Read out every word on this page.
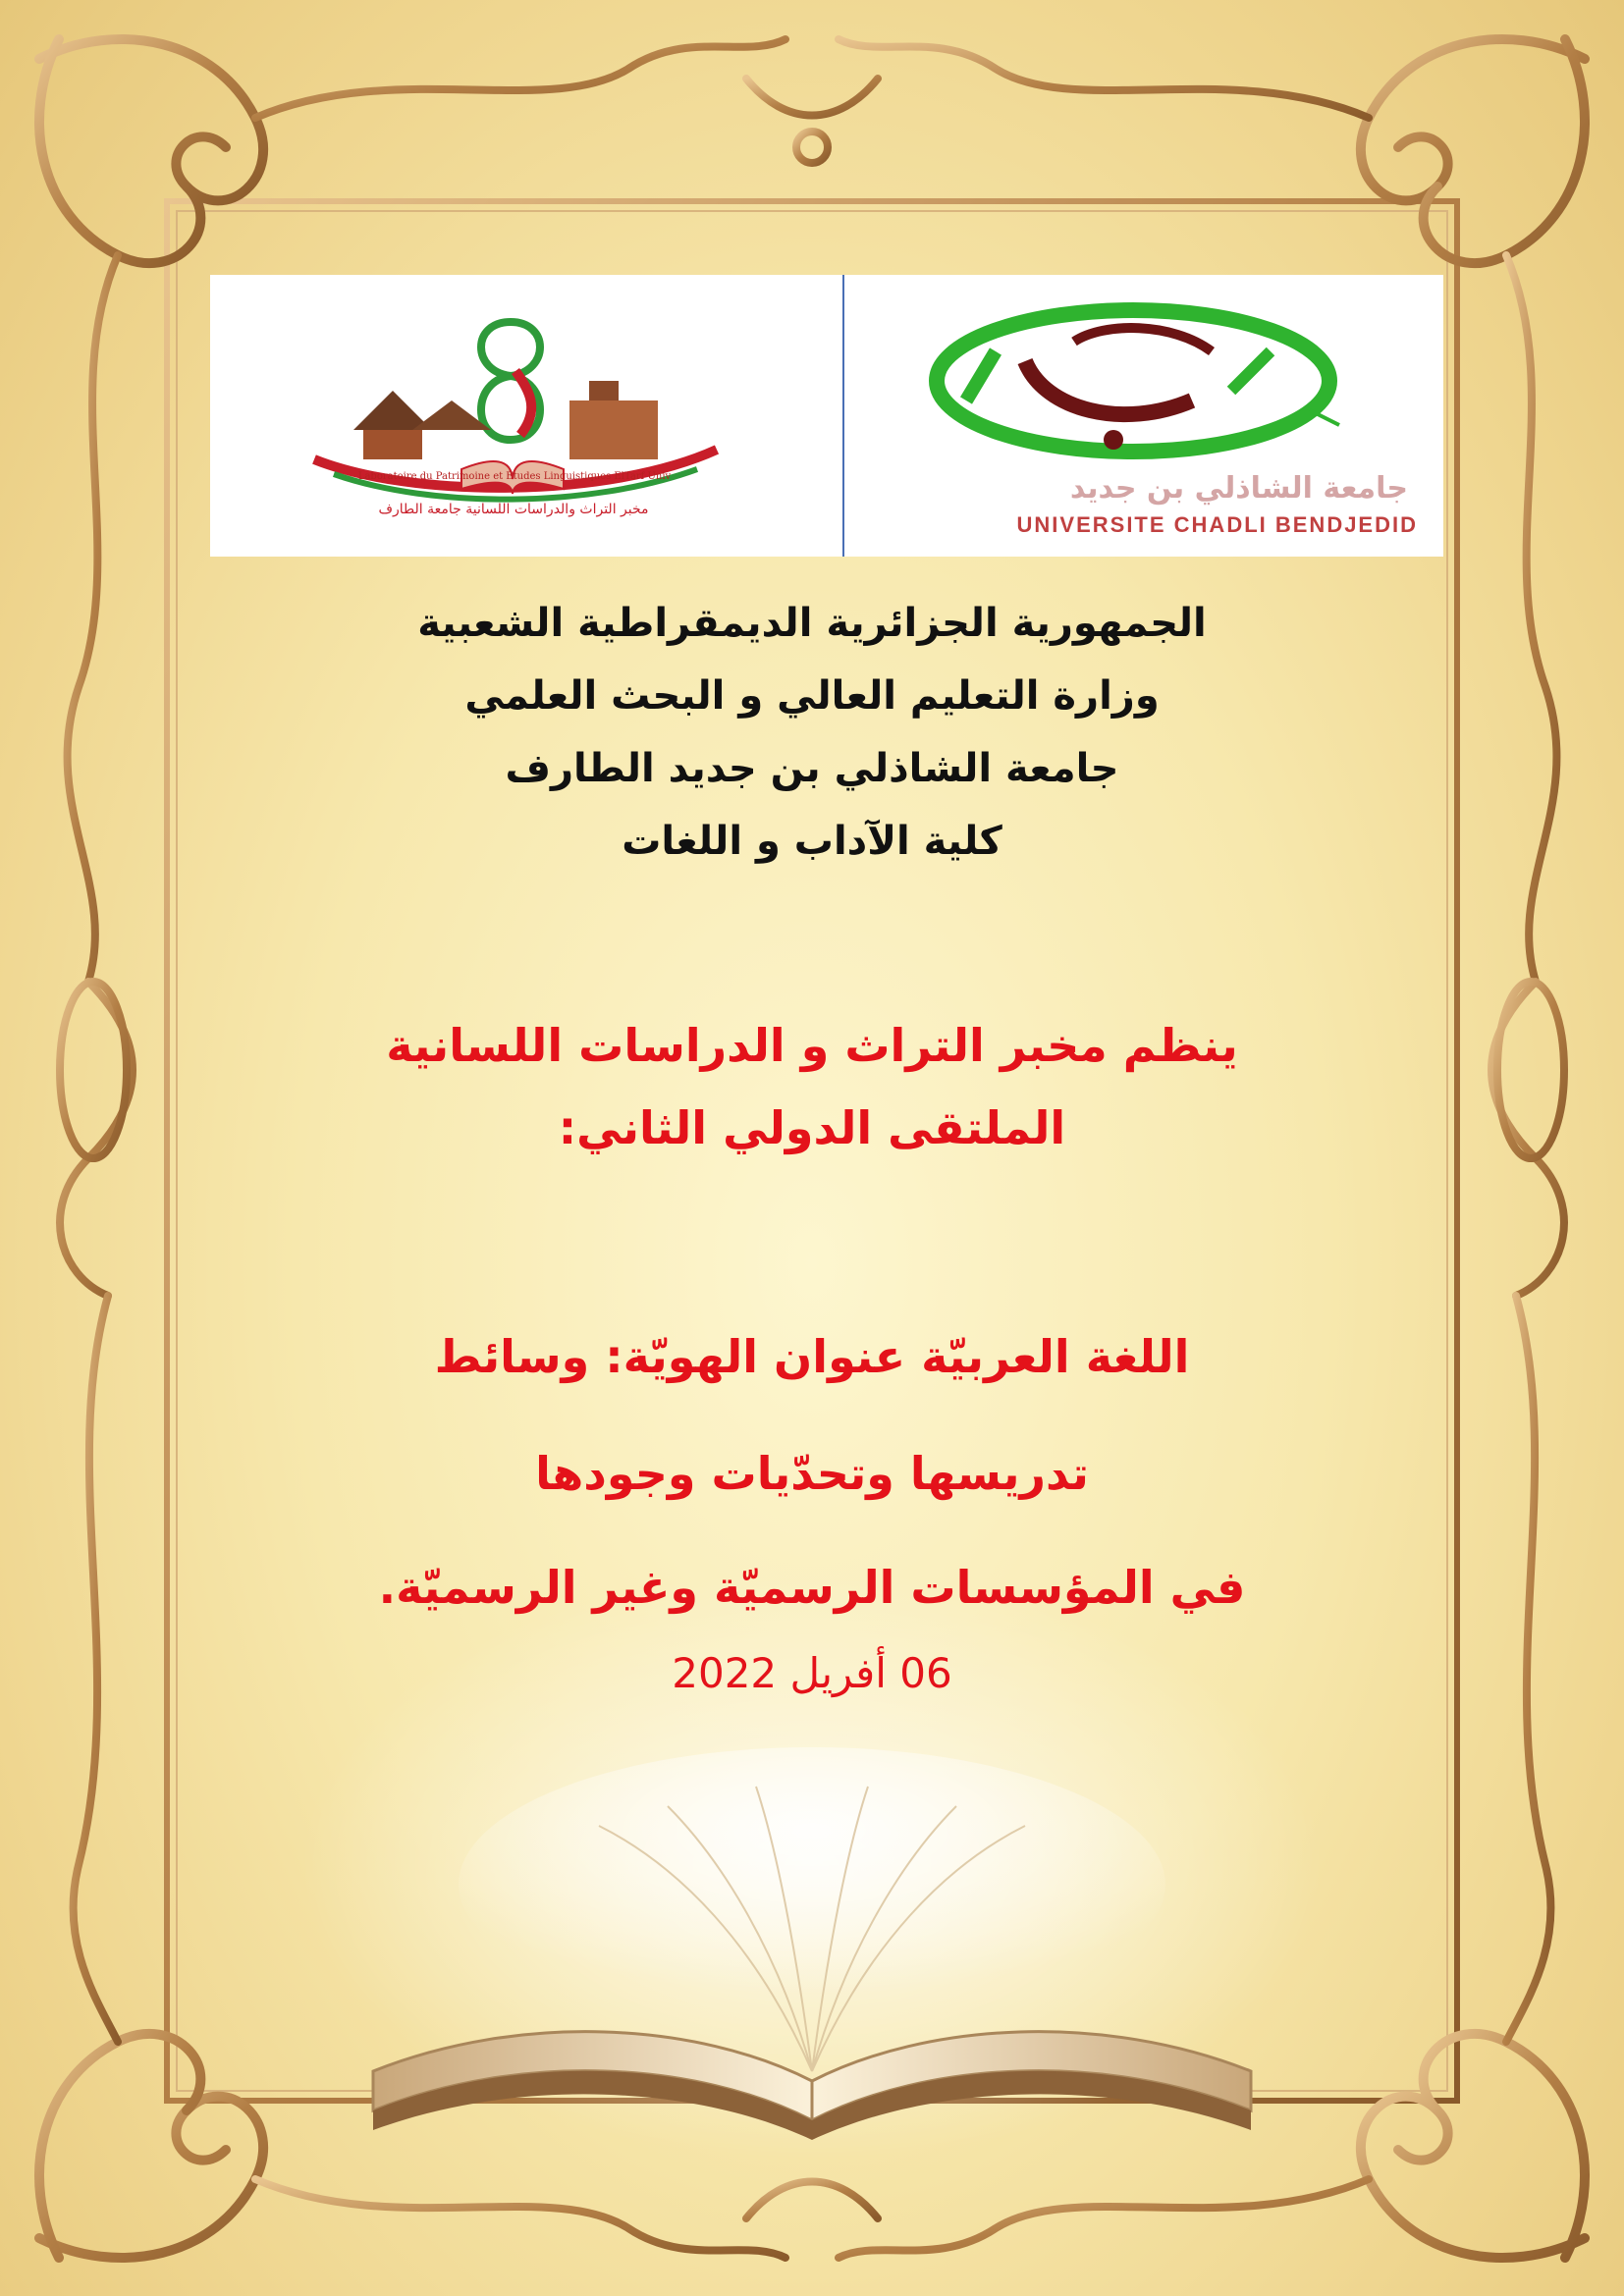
مخبر التراث والدراسات اللسانية جامعة الطارف
Laboratoire du Patrimoine et Études Linguistiques ElTarf Univ	جامعة الشاذلي بن جديد
UNIVERSITE CHADLI BENDJEDID
الجمهورية الجزائرية الديمقراطية الشعبية
وزارة التعليم العالي و البحث العلمي
جامعة الشاذلي بن جديد الطارف
كلية الآداب و اللغات
ينظم مخبر التراث و الدراسات اللسانية
الملتقى الدولي الثاني:
اللغة العربيّة عنوان الهويّة: وسائط
تدريسها وتحدّيات وجودها
في المؤسسات الرسميّة وغير الرسميّة.
06 أفريل 2022
